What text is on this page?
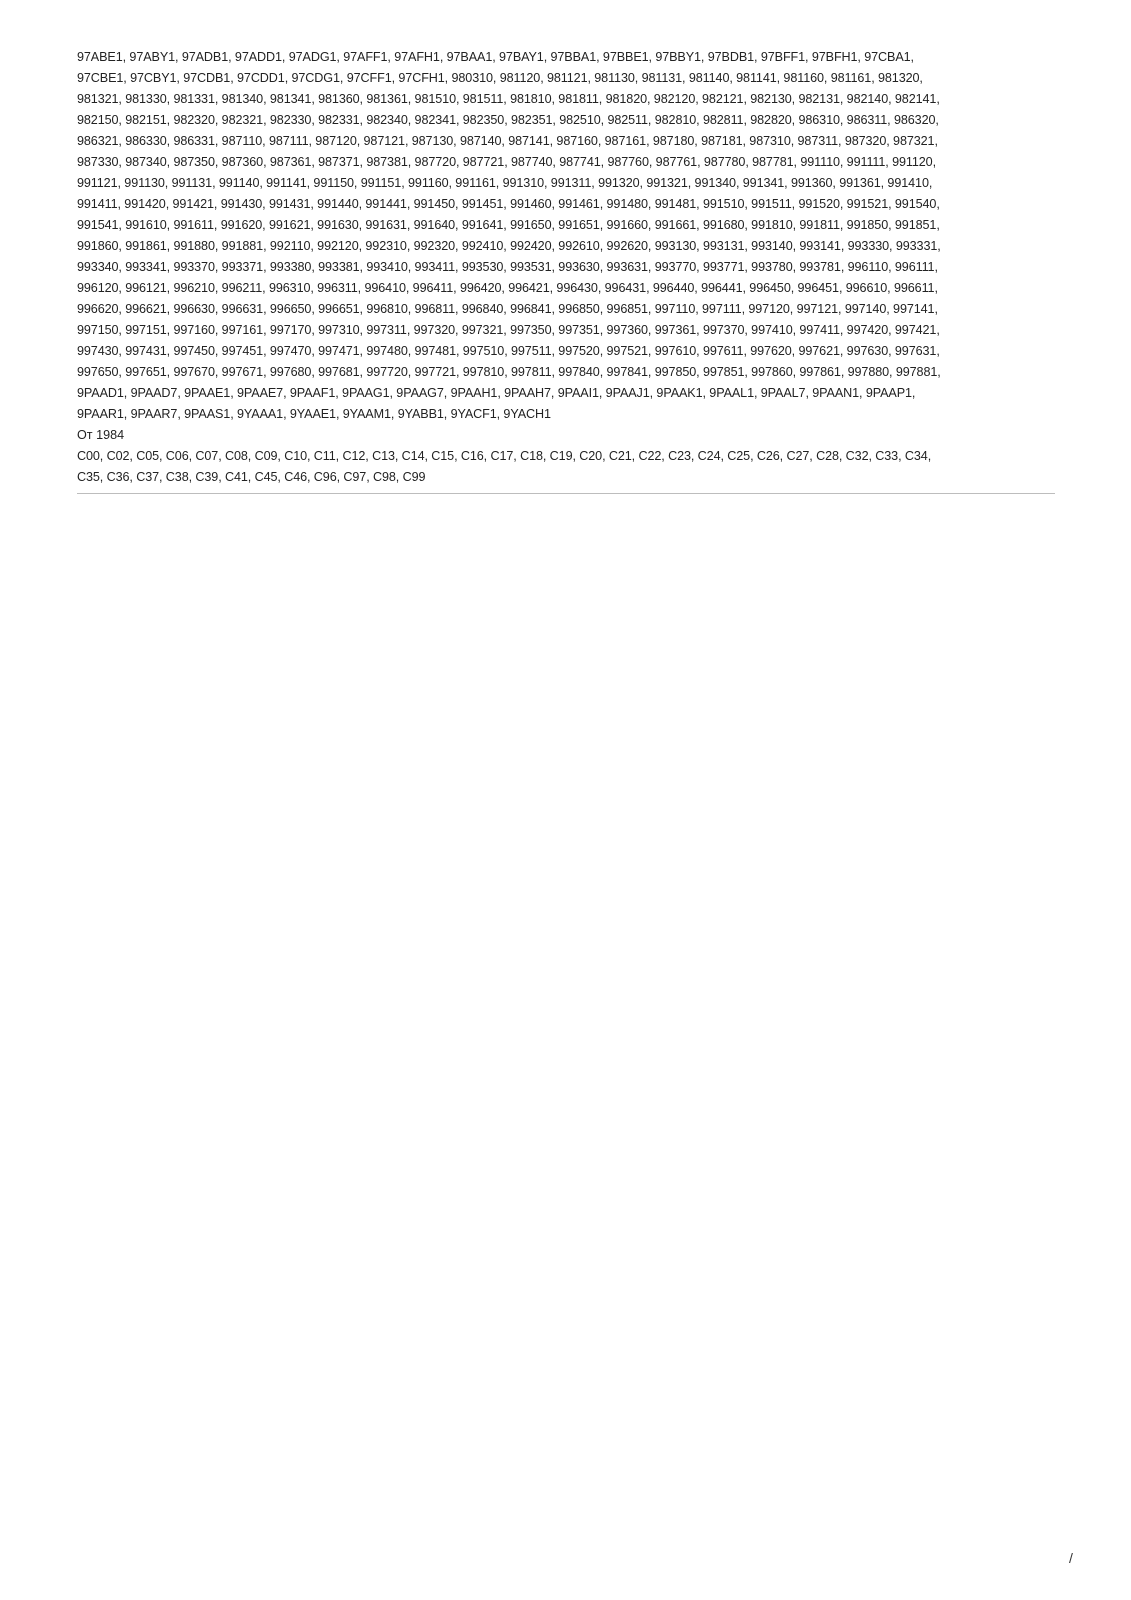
97ABE1, 97ABY1, 97ADB1, 97ADD1, 97ADG1, 97AFF1, 97AFH1, 97BAA1, 97BAY1, 97BBA1, 97BBE1, 97BBY1, 97BDB1, 97BFF1, 97BFH1, 97CBA1,
97CBE1, 97CBY1, 97CDB1, 97CDD1, 97CDG1, 97CFF1, 97CFH1, 980310, 981120, 981121, 981130, 981131, 981140, 981141, 981160, 981161, 981320,
981321, 981330, 981331, 981340, 981341, 981360, 981361, 981510, 981511, 981810, 981811, 981820, 982120, 982121, 982130, 982131, 982140, 982141,
982150, 982151, 982320, 982321, 982330, 982331, 982340, 982341, 982350, 982351, 982510, 982511, 982810, 982811, 982820, 986310, 986311, 986320,
986321, 986330, 986331, 987110, 987111, 987120, 987121, 987130, 987140, 987141, 987160, 987161, 987180, 987181, 987310, 987311, 987320, 987321,
987330, 987340, 987350, 987360, 987361, 987371, 987381, 987720, 987721, 987740, 987741, 987760, 987761, 987780, 987781, 991110, 991111, 991120,
991121, 991130, 991131, 991140, 991141, 991150, 991151, 991160, 991161, 991310, 991311, 991320, 991321, 991340, 991341, 991360, 991361, 991410,
991411, 991420, 991421, 991430, 991431, 991440, 991441, 991450, 991451, 991460, 991461, 991480, 991481, 991510, 991511, 991520, 991521, 991540,
991541, 991610, 991611, 991620, 991621, 991630, 991631, 991640, 991641, 991650, 991651, 991660, 991661, 991680, 991810, 991811, 991850, 991851,
991860, 991861, 991880, 991881, 992110, 992120, 992310, 992320, 992410, 992420, 992610, 992620, 993130, 993131, 993140, 993141, 993330, 993331,
993340, 993341, 993370, 993371, 993380, 993381, 993410, 993411, 993530, 993531, 993630, 993631, 993770, 993771, 993780, 993781, 996110, 996111,
996120, 996121, 996210, 996211, 996310, 996311, 996410, 996411, 996420, 996421, 996430, 996431, 996440, 996441, 996450, 996451, 996610, 996611,
996620, 996621, 996630, 996631, 996650, 996651, 996810, 996811, 996840, 996841, 996850, 996851, 997110, 997111, 997120, 997121, 997140, 997141,
997150, 997151, 997160, 997161, 997170, 997310, 997311, 997320, 997321, 997350, 997351, 997360, 997361, 997370, 997410, 997411, 997420, 997421,
997430, 997431, 997450, 997451, 997470, 997471, 997480, 997481, 997510, 997511, 997520, 997521, 997610, 997611, 997620, 997621, 997630, 997631,
997650, 997651, 997670, 997671, 997680, 997681, 997720, 997721, 997810, 997811, 997840, 997841, 997850, 997851, 997860, 997861, 997880, 997881,
9PAAD1, 9PAAD7, 9PAAE1, 9PAAE7, 9PAAF1, 9PAAG1, 9PAAG7, 9PAAH1, 9PAAH7, 9PAAI1, 9PAAJ1, 9PAAK1, 9PAAL1, 9PAAL7, 9PAAN1, 9PAAP1,
9PAAR1, 9PAAR7, 9PAAS1, 9YAAA1, 9YAAE1, 9YAAM1, 9YABB1, 9YACF1, 9YACH1
От 1984
C00, C02, C05, C06, C07, C08, C09, C10, C11, C12, C13, C14, C15, C16, C17, C18, C19, C20, C21, C22, C23, C24, C25, C26, C27, C28, C32, C33, C34,
C35, C36, C37, C38, C39, C41, C45, C46, C96, C97, C98, C99
/
